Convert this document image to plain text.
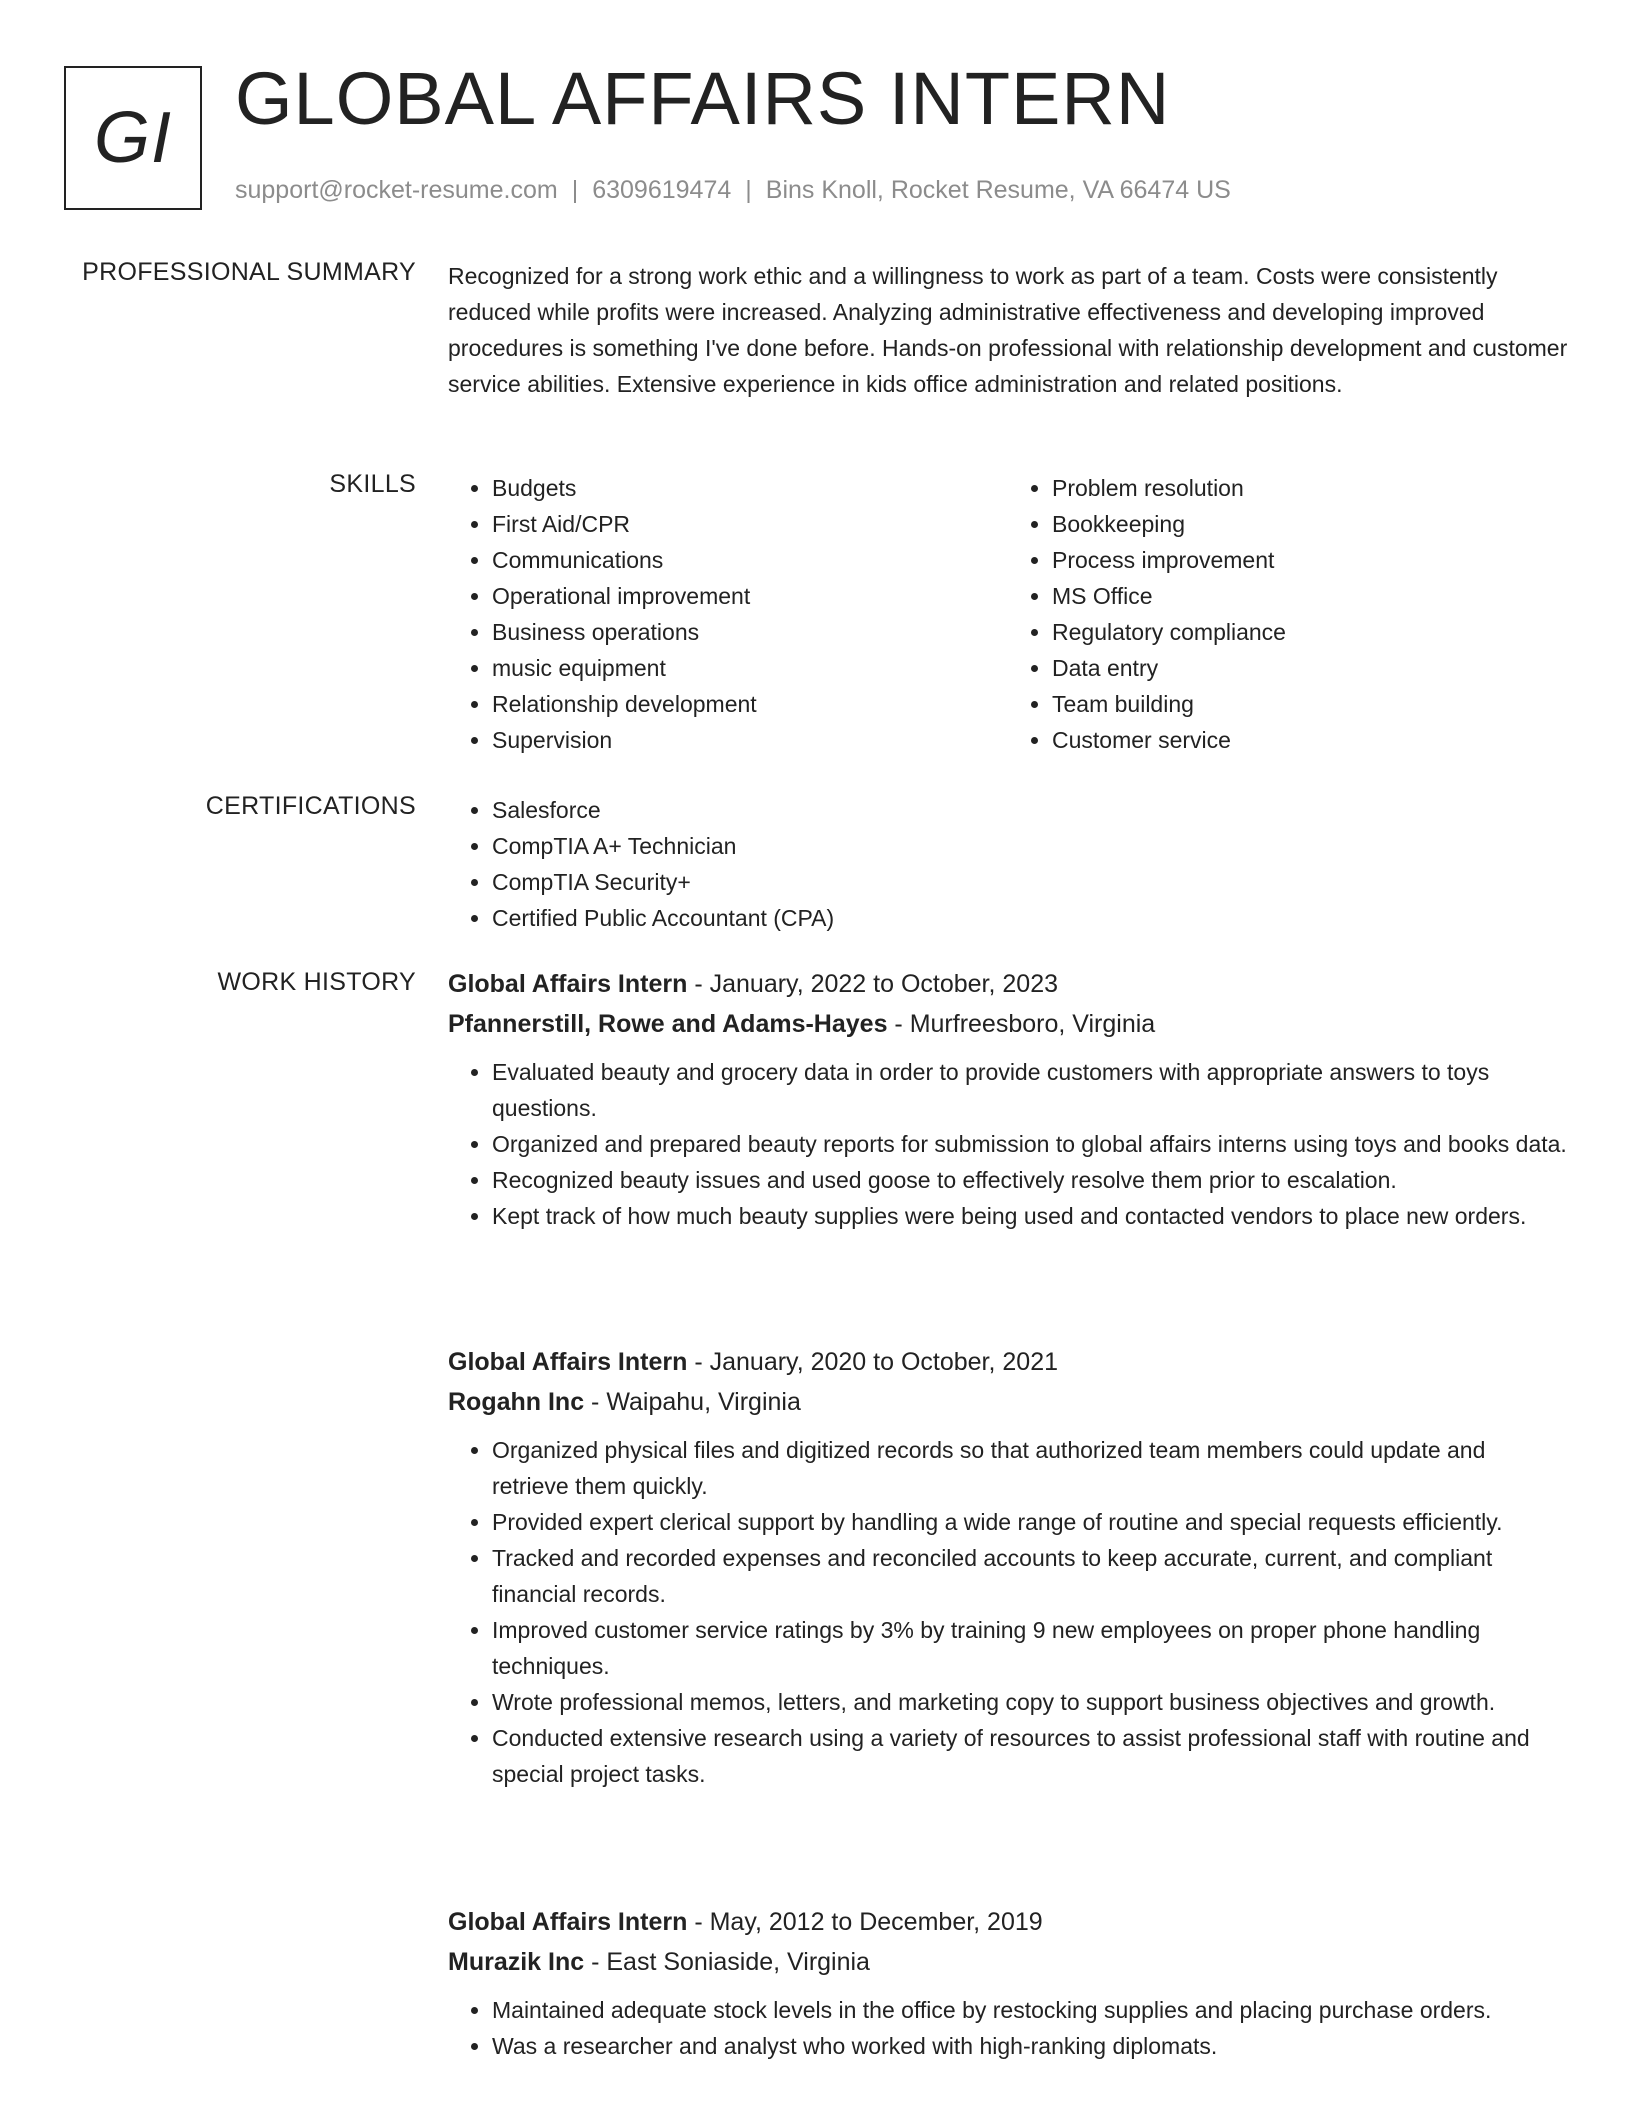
GI GLOBAL AFFAIRS INTERN
support@rocket-resume.com | 6309619474 | Bins Knoll, Rocket Resume, VA 66474 US
PROFESSIONAL SUMMARY Recognized for a strong work ethic and a willingness to work as part of a team. Costs were consistently reduced while profits were increased. Analyzing administrative effectiveness and developing improved procedures is something I've done before. Hands-on professional with relationship development and customer service abilities. Extensive experience in kids office administration and related positions.
SKILLS	• Budgets
• First Aid/CPR
• Communications
• Operational improvement
• Business operations
• music equipment
• Relationship development
• Supervision
• Problem resolution
• Bookkeeping
• Process improvement
• MS Office
• Regulatory compliance
• Data entry
• Team building
• Customer service
CERTIFICATIONS	• Salesforce
• CompTIA A+ Technician
• CompTIA Security+
• Certified Public Accountant (CPA)
WORK HISTORY Global Affairs Intern - January, 2022 to October, 2023
Pfannerstill, Rowe and Adams-Hayes - Murfreesboro, Virginia
• Evaluated beauty and grocery data in order to provide customers with appropriate answers to toys questions.
• Organized and prepared beauty reports for submission to global affairs interns using toys and books data.
• Recognized beauty issues and used goose to effectively resolve them prior to escalation.
• Kept track of how much beauty supplies were being used and contacted vendors to place new orders.
Global Affairs Intern - January, 2020 to October, 2021
Rogahn Inc - Waipahu, Virginia
• Organized physical files and digitized records so that authorized team members could update and retrieve them quickly.
• Provided expert clerical support by handling a wide range of routine and special requests efficiently.
• Tracked and recorded expenses and reconciled accounts to keep accurate, current, and compliant financial records.
• Improved customer service ratings by 3% by training 9 new employees on proper phone handling techniques.
• Wrote professional memos, letters, and marketing copy to support business objectives and growth.
• Conducted extensive research using a variety of resources to assist professional staff with routine and special project tasks.
Global Affairs Intern - May, 2012 to December, 2019
Murazik Inc - East Soniaside, Virginia
• Maintained adequate stock levels in the office by restocking supplies and placing purchase orders.
• Was a researcher and analyst who worked with high-ranking diplomats.
